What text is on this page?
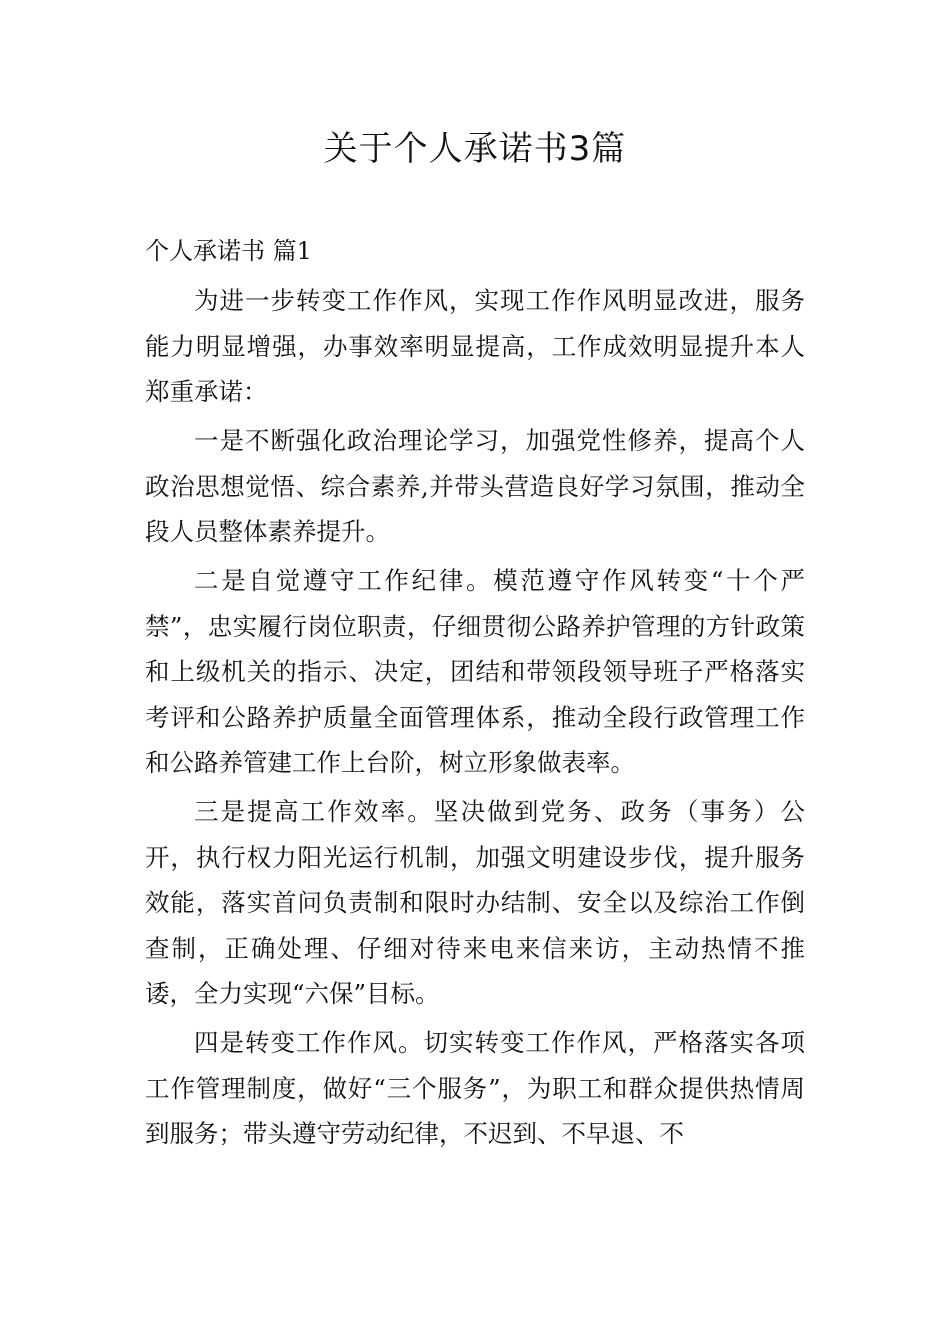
关于个人承诺书3篇
个人承诺书 篇1

为进一步转变工作作风，实现工作作风明显改进，服务能力明显增强，办事效率明显提高，工作成效明显提升本人郑重承诺：

一是不断强化政治理论学习，加强党性修养，提高个人政治思想觉悟、综合素养,并带头营造良好学习氛围，推动全段人员整体素养提升。

二是自觉遵守工作纪律。模范遵守作风转变“十个严禁”，忠实履行岗位职责，仔细贯彻公路养护管理的方针政策和上级机关的指示、决定，团结和带领段领导班子严格落实考评和公路养护质量全面管理体系，推动全段行政管理工作和公路养管建工作上台阶，树立形象做表率。

三是提高工作效率。坚决做到党务、政务（事务）公开，执行权力阳光运行机制，加强文明建设步伐，提升服务效能，落实首问负责制和限时办结制、安全以及综治工作倒查制，正确处理、仔细对待来电来信来访，主动热情不推诿，全力实现“六保”目标。

四是转变工作作风。切实转变工作作风，严格落实各项工作管理制度，做好“三个服务”，为职工和群众提供热情周到服务；带头遵守劳动纪律，不迟到、不早退、不
